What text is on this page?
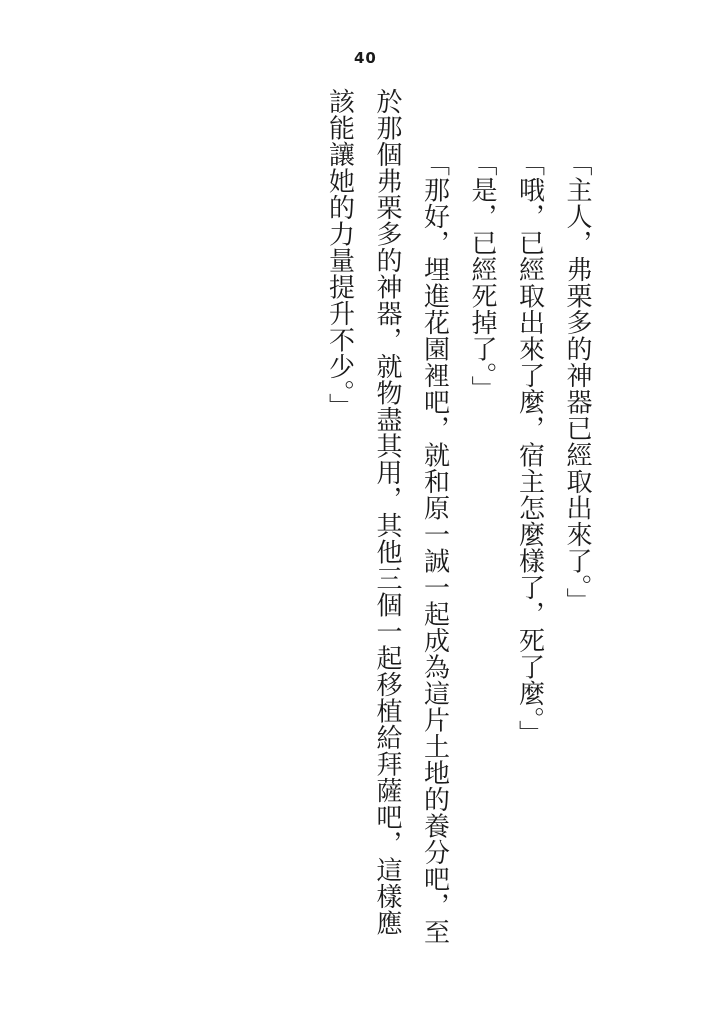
40
「主人，弗栗多的神器已經取出來了。」
「哦，已經取出來了麼，宿主怎麼樣了，死了麼。」
「是，已經死掉了。」
「那好，埋進花園裡吧，就和原一誠一起成為這片土地的養分吧，至
於那個弗栗多的神器，就物盡其用，其他三個一起移植給拜薩吧，這樣應
該能讓她的力量提升不少。」
